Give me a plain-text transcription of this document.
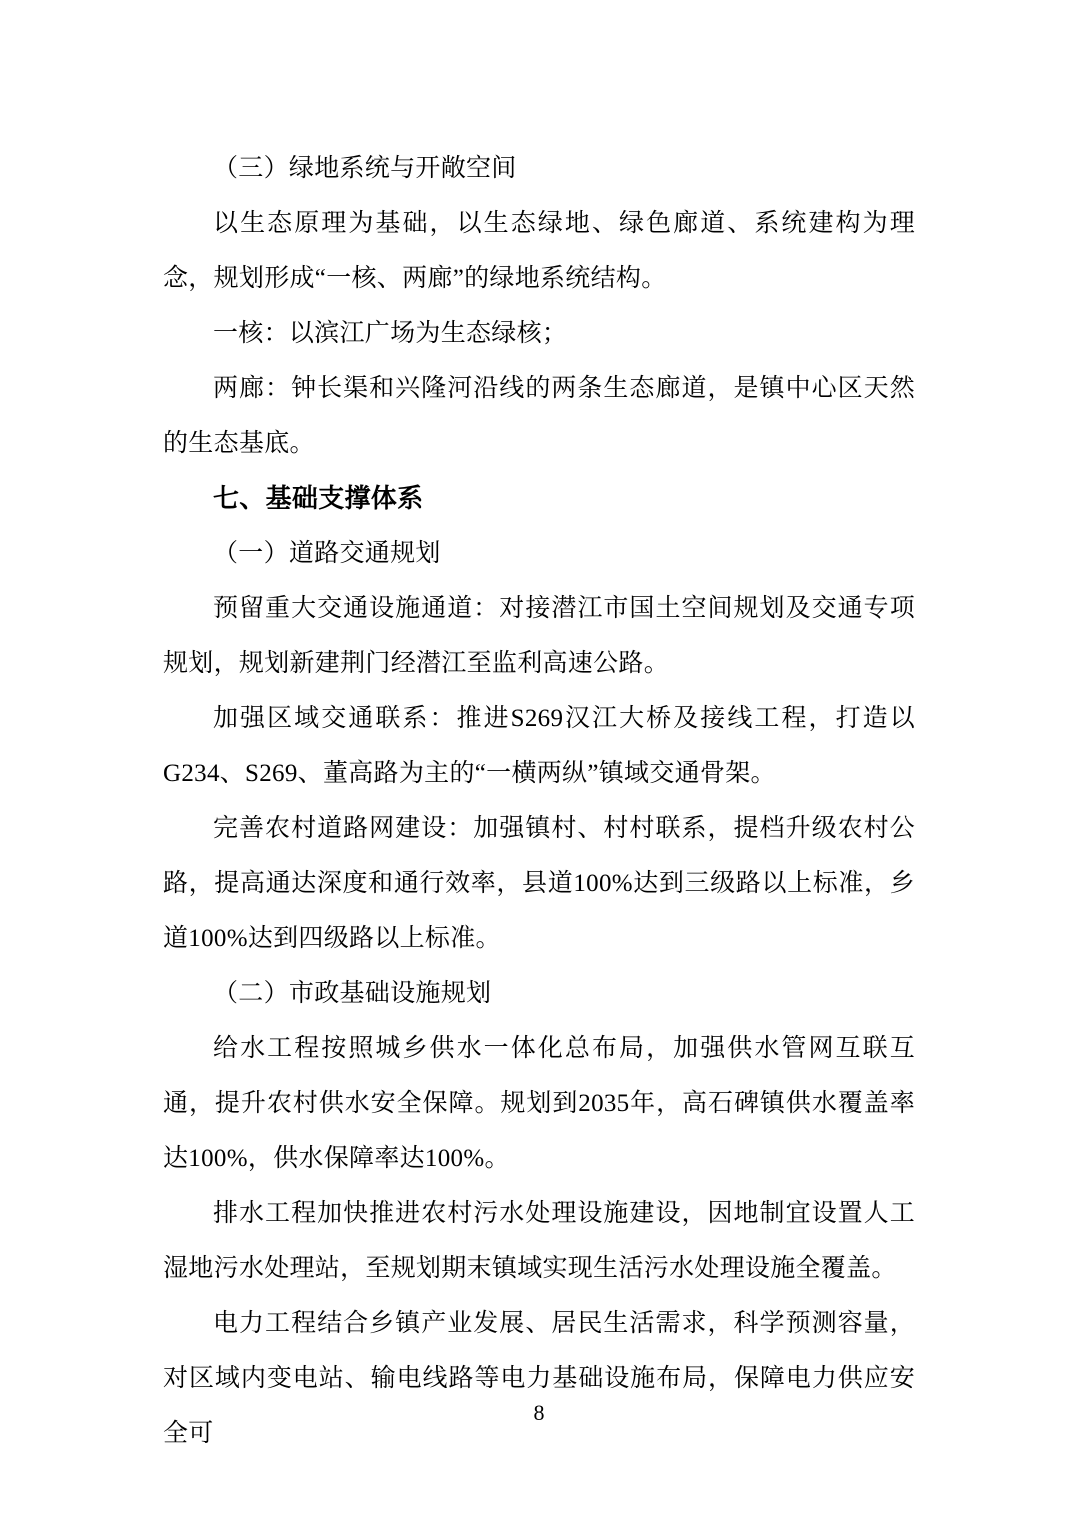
（三）绿地系统与开敞空间

以生态原理为基础，以生态绿地、绿色廊道、系统建构为理念，规划形成“一核、两廊”的绿地系统结构。

一核：以滨江广场为生态绿核；

两廊：钟长渠和兴隆河沿线的两条生态廊道，是镇中心区天然的生态基底。

七、基础支撑体系

（一）道路交通规划

预留重大交通设施通道：对接潜江市国土空间规划及交通专项规划，规划新建荆门经潜江至监利高速公路。

加强区域交通联系：推进S269汉江大桥及接线工程，打造以G234、S269、董高路为主的“一横两纵”镇域交通骨架。

完善农村道路网建设：加强镇村、村村联系，提档升级农村公路，提高通达深度和通行效率，县道100%达到三级路以上标准，乡道100%达到四级路以上标准。

（二）市政基础设施规划

给水工程按照城乡供水一体化总布局，加强供水管网互联互通，提升农村供水安全保障。规划到2035年，高石碑镇供水覆盖率达100%，供水保障率达100%。

排水工程加快推进农村污水处理设施建设，因地制宜设置人工湿地污水处理站，至规划期末镇域实现生活污水处理设施全覆盖。

电力工程结合乡镇产业发展、居民生活需求，科学预测容量，对区域内变电站、输电线路等电力基础设施布局，保障电力供应安全可

8
